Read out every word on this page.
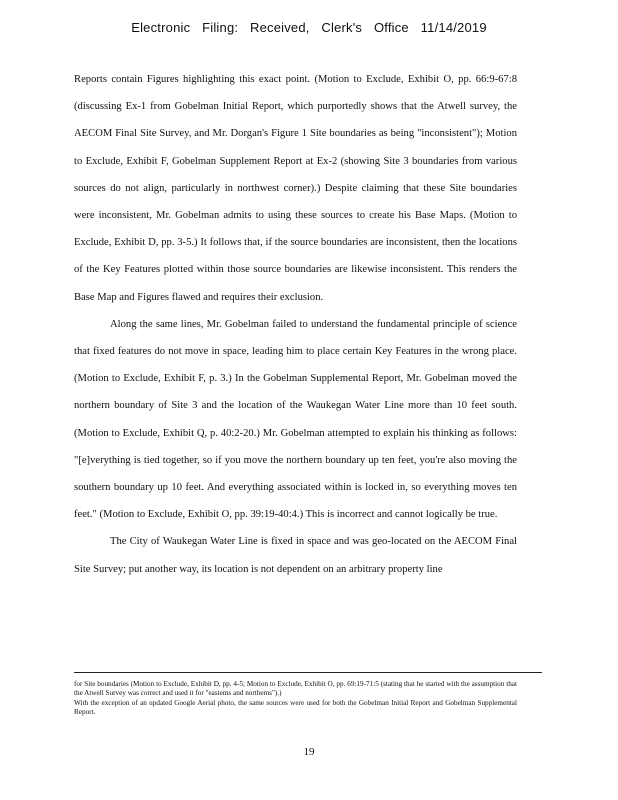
Electronic Filing: Received, Clerk's Office 11/14/2019

Reports contain Figures highlighting this exact point. (Motion to Exclude, Exhibit O, pp. 66:9-67:8 (discussing Ex-1 from Gobelman Initial Report, which purportedly shows that the Atwell survey, the AECOM Final Site Survey, and Mr. Dorgan's Figure 1 Site boundaries as being "inconsistent"); Motion to Exclude, Exhibit F, Gobelman Supplement Report at Ex-2 (showing Site 3 boundaries from various sources do not align, particularly in northwest corner).) Despite claiming that these Site boundaries were inconsistent, Mr. Gobelman admits to using these sources to create his Base Maps. (Motion to Exclude, Exhibit D, pp. 3-5.) It follows that, if the source boundaries are inconsistent, then the locations of the Key Features plotted within those source boundaries are likewise inconsistent. This renders the Base Map and Figures flawed and requires their exclusion.

Along the same lines, Mr. Gobelman failed to understand the fundamental principle of science that fixed features do not move in space, leading him to place certain Key Features in the wrong place. (Motion to Exclude, Exhibit F, p. 3.) In the Gobelman Supplemental Report, Mr. Gobelman moved the northern boundary of Site 3 and the location of the Waukegan Water Line more than 10 feet south. (Motion to Exclude, Exhibit Q, p. 40:2-20.) Mr. Gobelman attempted to explain his thinking as follows: "[e]verything is tied together, so if you move the northern boundary up ten feet, you're also moving the southern boundary up 10 feet. And everything associated within is locked in, so everything moves ten feet." (Motion to Exclude, Exhibit O, pp. 39:19-40:4.) This is incorrect and cannot logically be true.

The City of Waukegan Water Line is fixed in space and was geo-located on the AECOM Final Site Survey; put another way, its location is not dependent on an arbitrary property line

for Site boundaries (Motion to Exclude, Exhibit D, pp. 4-5; Motion to Exclude, Exhibit O, pp. 69:19-71:5 (stating that he started with the assumption that the Atwell Survey was correct and used it for "eastems and northems").)

With the exception of an updated Google Aerial photo, the same sources were used for both the Gobelman Initial Report and Gobelman Supplemental Report.

19
